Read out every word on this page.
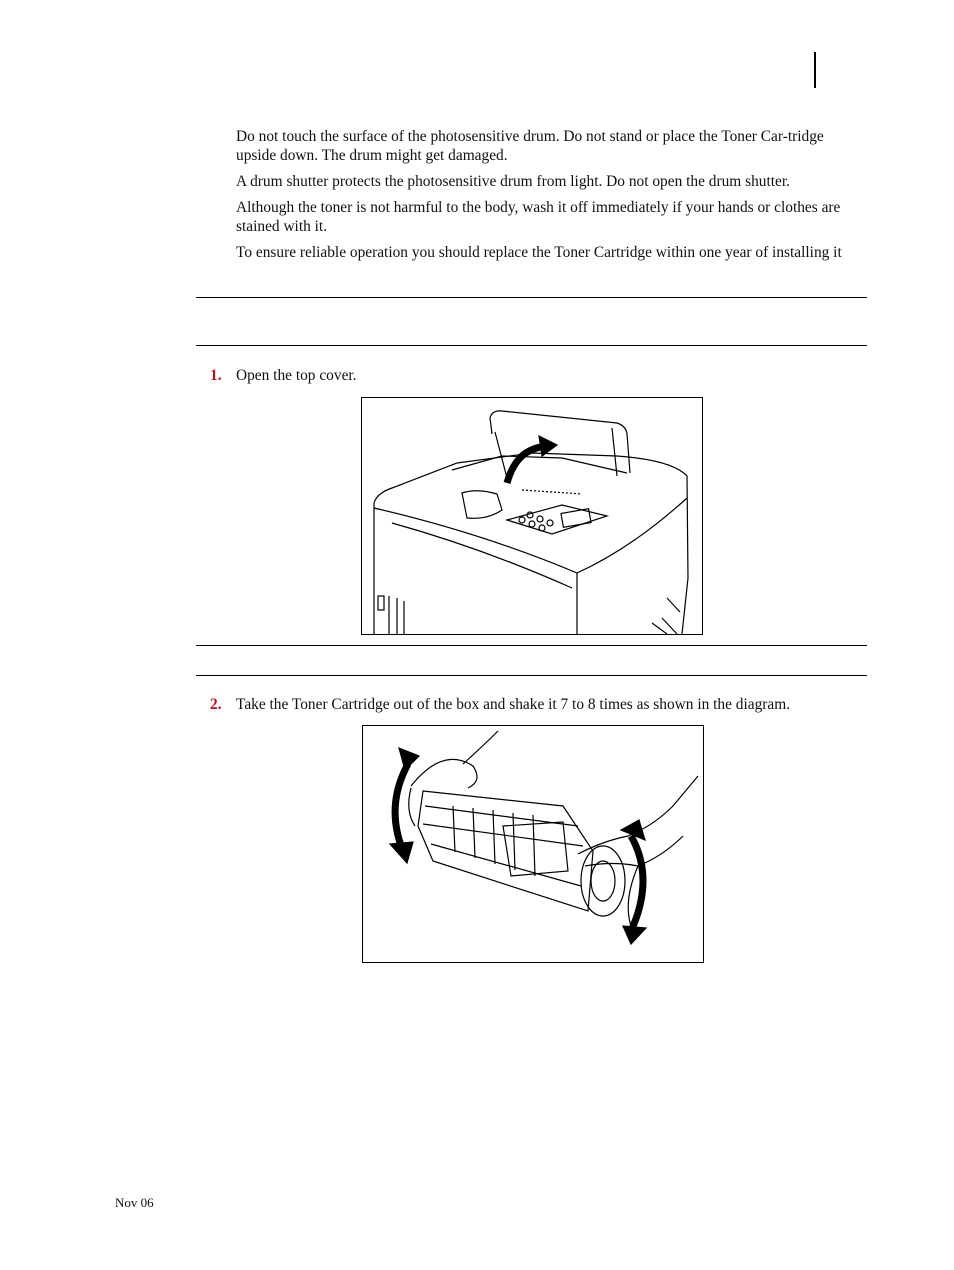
Do not touch the surface of the photosensitive drum. Do not stand or place the Toner Car-tridge upside down. The drum might get damaged.

A drum shutter protects the photosensitive drum from light. Do not open the drum shutter.

Although the toner is not harmful to the body, wash it off immediately if your hands or clothes are stained with it.

To ensure reliable operation you should replace the Toner Cartridge within one year of installing it

1. Open the top cover.
2. Take the Toner Cartridge out of the box and shake it 7 to 8 times as shown in the diagram.
Nov 06
